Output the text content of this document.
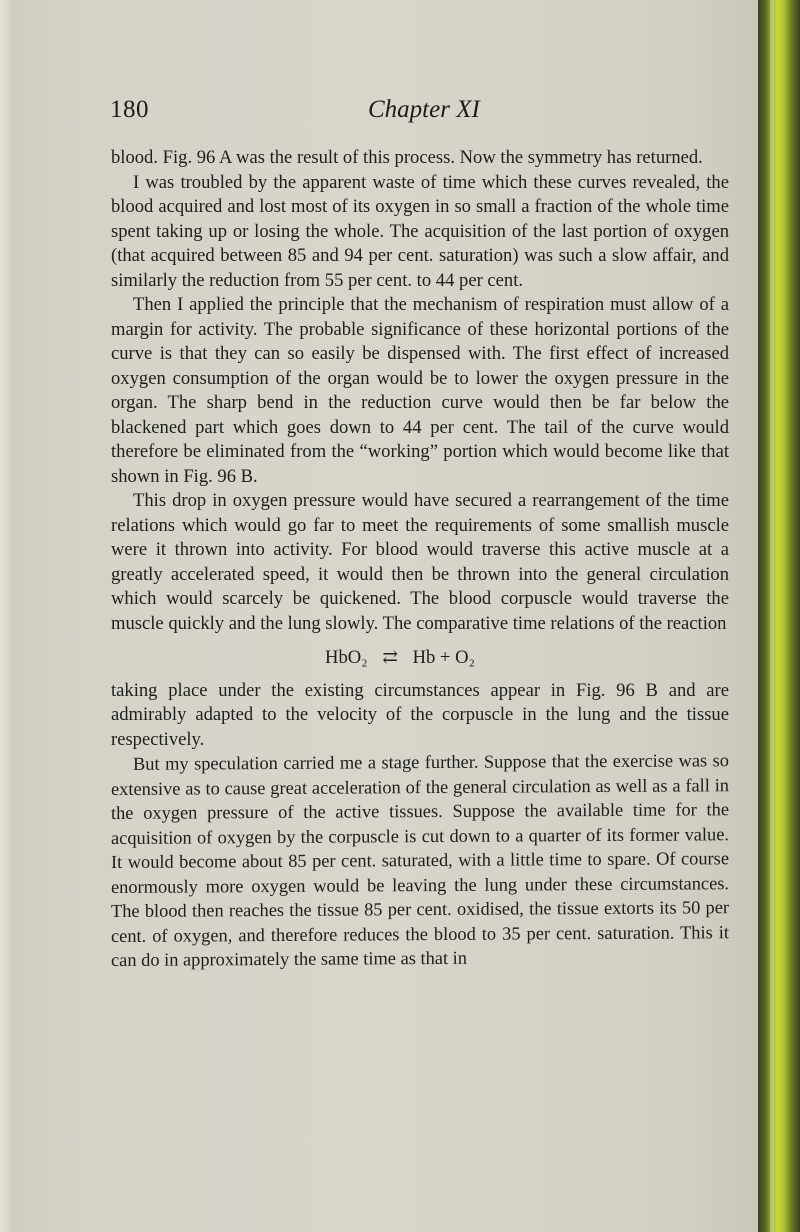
180	Chapter XI

blood. Fig. 96 A was the result of this process. Now the symmetry has returned.

I was troubled by the apparent waste of time which these curves revealed, the blood acquired and lost most of its oxygen in so small a fraction of the whole time spent taking up or losing the whole. The acquisition of the last portion of oxygen (that acquired between 85 and 94 per cent. saturation) was such a slow affair, and similarly the reduction from 55 per cent. to 44 per cent.

Then I applied the principle that the mechanism of respiration must allow of a margin for activity. The probable significance of these horizontal portions of the curve is that they can so easily be dispensed with. The first effect of increased oxygen consumption of the organ would be to lower the oxygen pressure in the organ. The sharp bend in the reduction curve would then be far below the blackened part which goes down to 44 per cent. The tail of the curve would therefore be eliminated from the “working” portion which would become like that shown in Fig. 96 B.

This drop in oxygen pressure would have secured a rearrangement of the time relations which would go far to meet the requirements of some smallish muscle were it thrown into activity. For blood would traverse this active muscle at a greatly accelerated speed, it would then be thrown into the general circulation which would scarcely be quickened. The blood corpuscle would traverse the muscle quickly and the lung slowly. The comparative time relations of the reaction

HbO₂ ⇄ Hb + O₂

taking place under the existing circumstances appear in Fig. 96 B and are admirably adapted to the velocity of the corpuscle in the lung and the tissue respectively.

But my speculation carried me a stage further. Suppose that the exercise was so extensive as to cause great acceleration of the general circulation as well as a fall in the oxygen pressure of the active tissues. Suppose the available time for the acquisition of oxygen by the corpuscle is cut down to a quarter of its former value. It would become about 85 per cent. saturated, with a little time to spare. Of course enormously more oxygen would be leaving the lung under these circumstances. The blood then reaches the tissue 85 per cent. oxidised, the tissue extorts its 50 per cent. of oxygen, and therefore reduces the blood to 35 per cent. saturation. This it can do in approximately the same time as that in
